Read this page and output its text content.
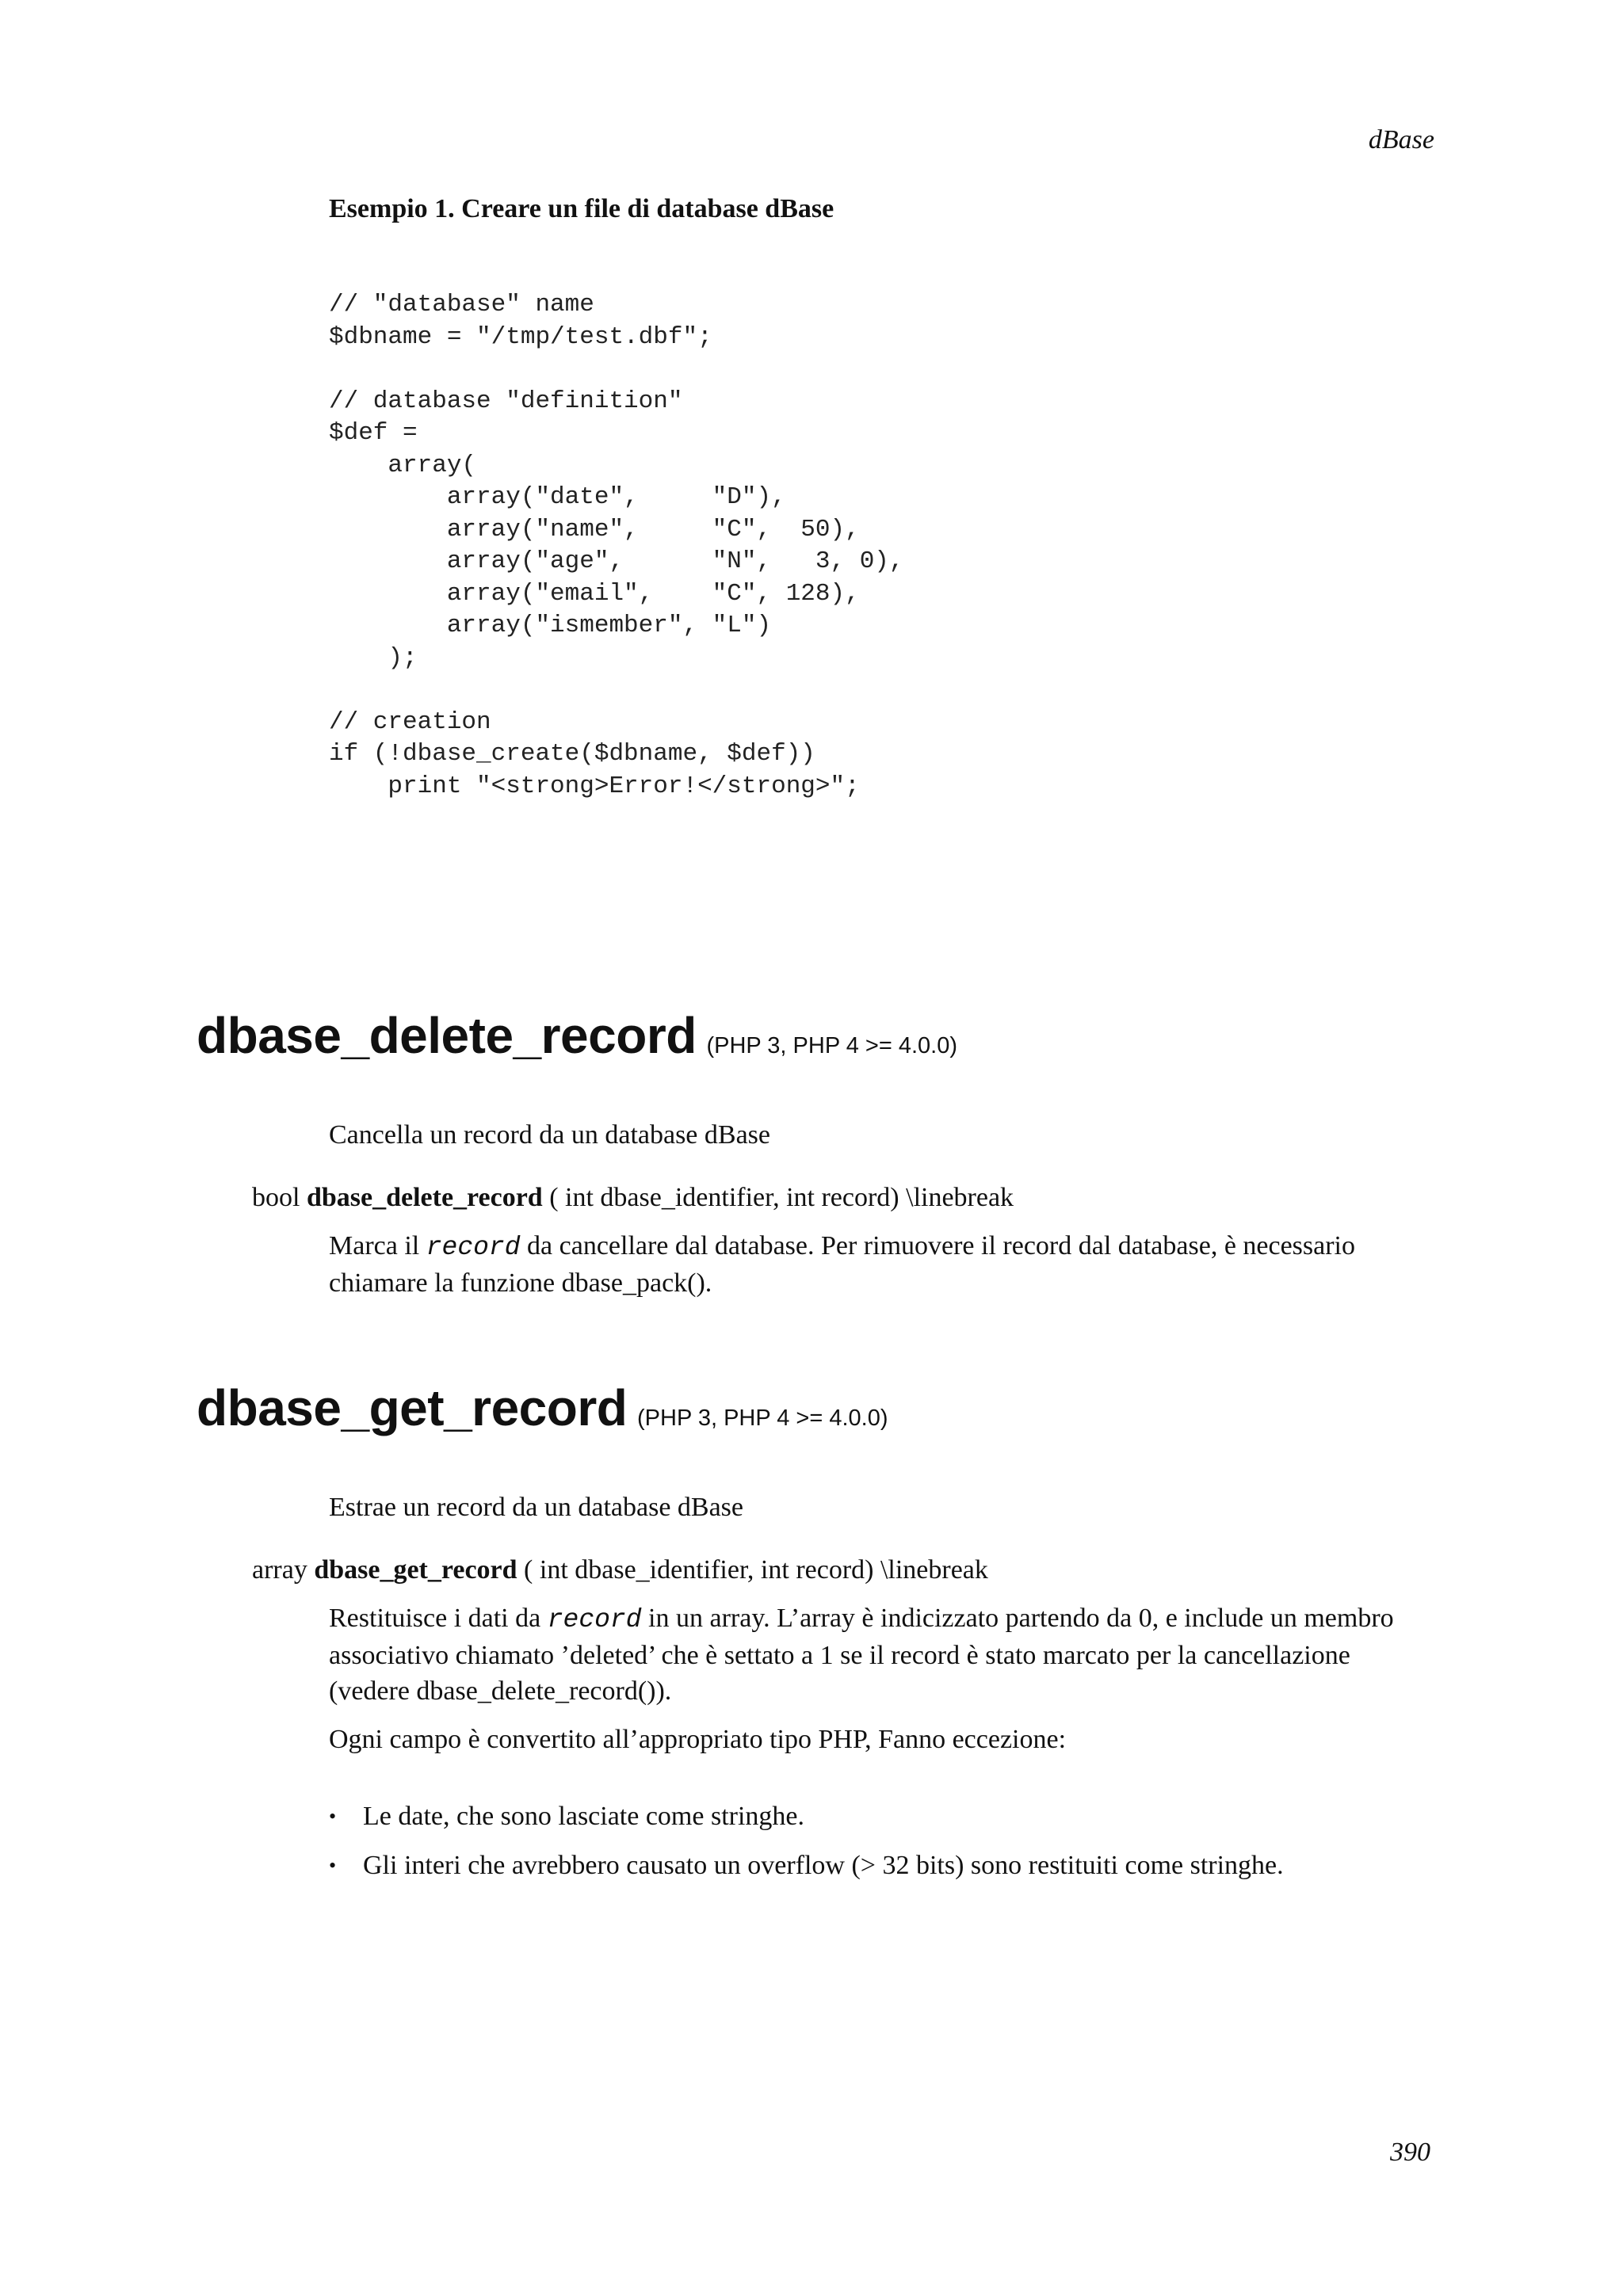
dBase
Esempio 1. Creare un file di database dBase
// "database" name
$dbname = "/tmp/test.dbf";

// database "definition"
$def =
array(
array("date",     "D"),
array("name",     "C",  50),
array("age",      "N",   3, 0),
array("email",    "C", 128),
array("ismember", "L")
);

// creation
if (!dbase_create($dbname, $def))
print "<strong>Error!</strong>";
dbase_delete_record (PHP 3, PHP 4 >= 4.0.0)

Cancella un record da un database dBase

bool dbase_delete_record ( int dbase_identifier, int record) \linebreak

Marca il record da cancellare dal database. Per rimuovere il record dal database, è necessario chiamare la funzione dbase_pack().

dbase_get_record (PHP 3, PHP 4 >= 4.0.0)

Estrae un record da un database dBase

array dbase_get_record ( int dbase_identifier, int record) \linebreak

Restituisce i dati da record in un array. L’array è indicizzato partendo da 0, e include un membro associativo chiamato ’deleted’ che è settato a 1 se il record è stato marcato per la cancellazione (vedere dbase_delete_record()).

Ogni campo è convertito all’appropriato tipo PHP, Fanno eccezione:

• Le date, che sono lasciate come stringhe.
• Gli interi che avrebbero causato un overflow (> 32 bits) sono restituiti come stringhe.
390
